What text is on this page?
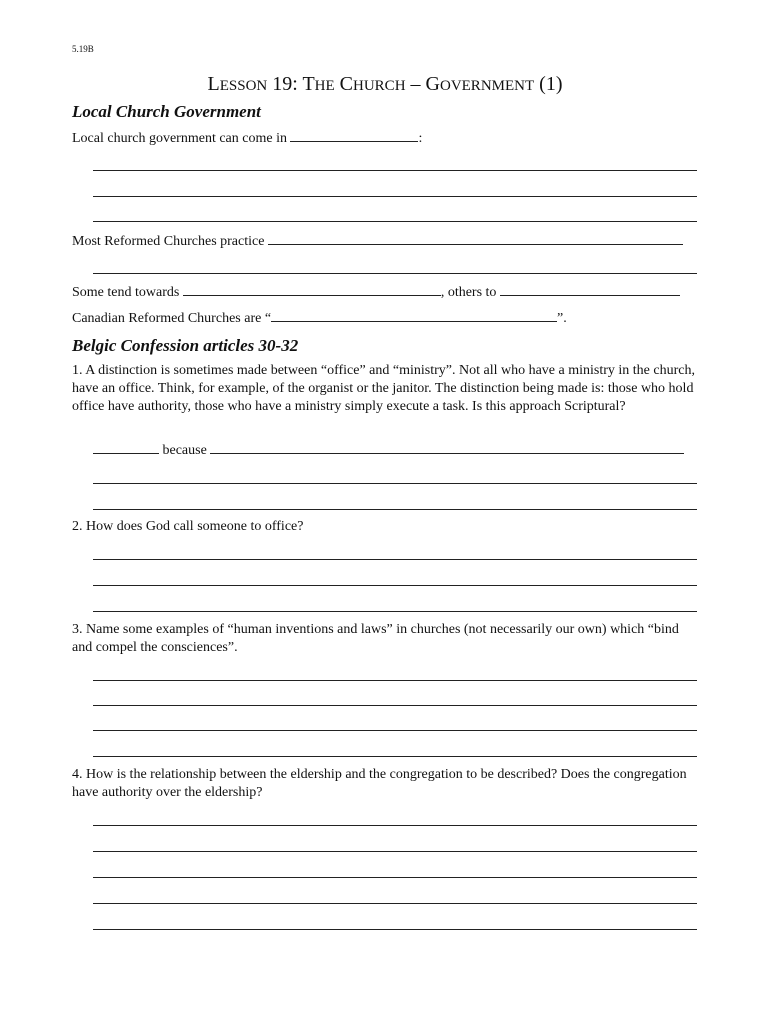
5.19B
LESSON 19: THE CHURCH – GOVERNMENT (1)
Local Church Government
Local church government can come in	:
Most Reformed Churches practice
Some tend towards	, others to
Canadian Reformed Churches are “	”.
Belgic Confession articles 30-32
1. A distinction is sometimes made between “office” and “ministry”. Not all who have a ministry in the church, have an office. Think, for example, of the organist or the janitor. The distinction being made is: those who hold office have authority, those who have a ministry simply execute a task. Is this approach Scriptural?
because
2. How does God call someone to office?
3. Name some examples of “human inventions and laws” in churches (not necessarily our own) which “bind and compel the consciences”.
4. How is the relationship between the eldership and the congregation to be described? Does the congregation have authority over the eldership?
